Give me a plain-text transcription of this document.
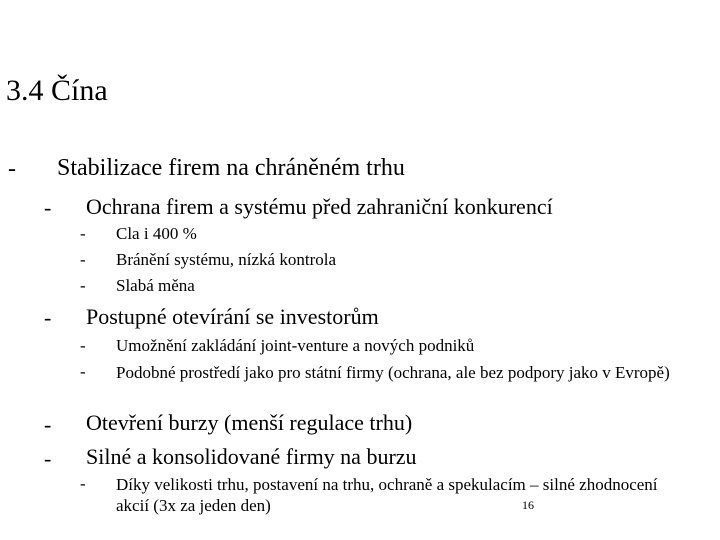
3.4 Čína
- Stabilizace firem na chráněném trhu
- Ochrana firem a systému před zahraniční konkurencí
- Cla i 400 %
- Bránění systému, nízká kontrola
- Slabá měna
- Postupné otevírání se investorům
- Umožnění zakládání joint-venture a nových podniků
- Podobné prostředí jako pro státní firmy (ochrana, ale bez podpory jako v Evropě)
- Otevření burzy (menší regulace trhu)
- Silné a konsolidované firmy na burzu
- Díky velikosti trhu, postavení na trhu, ochraně a spekulacím – silné zhodnocení akcií (3x za jeden den)	16
